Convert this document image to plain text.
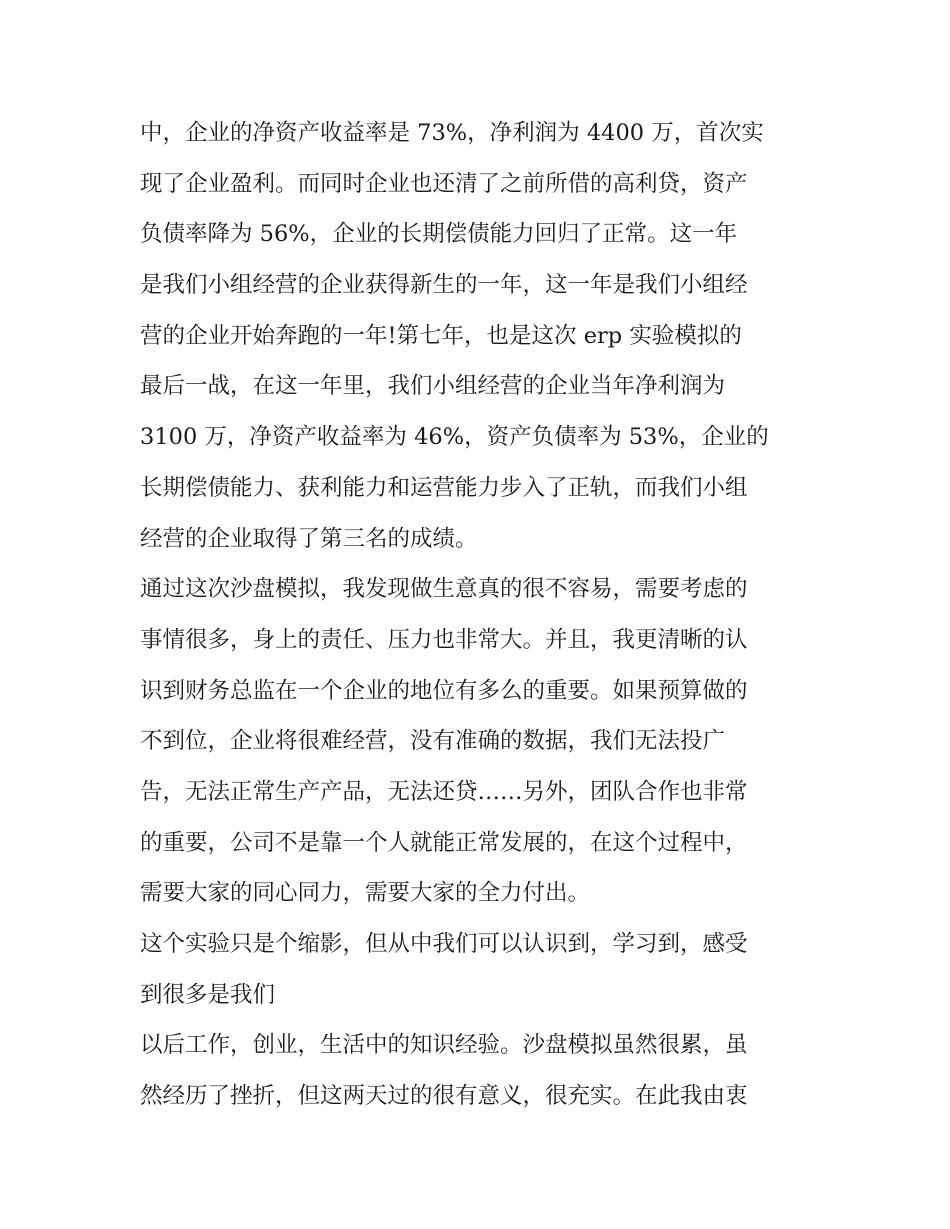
中，企业的净资产收益率是 73%，净利润为 4400 万，首次实
现了企业盈利。而同时企业也还清了之前所借的高利贷，资产
负债率降为 56%，企业的长期偿债能力回归了正常。这一年
是我们小组经营的企业获得新生的一年，这一年是我们小组经
营的企业开始奔跑的一年!第七年，也是这次 erp 实验模拟的
最后一战，在这一年里，我们小组经营的企业当年净利润为
3100 万，净资产收益率为 46%，资产负债率为 53%，企业的
长期偿债能力、获利能力和运营能力步入了正轨，而我们小组
经营的企业取得了第三名的成绩。
通过这次沙盘模拟，我发现做生意真的很不容易，需要考虑的
事情很多，身上的责任、压力也非常大。并且，我更清晰的认
识到财务总监在一个企业的地位有多么的重要。如果预算做的
不到位，企业将很难经营，没有准确的数据，我们无法投广
告，无法正常生产产品，无法还贷……另外，团队合作也非常
的重要，公司不是靠一个人就能正常发展的，在这个过程中，
需要大家的同心同力，需要大家的全力付出。
这个实验只是个缩影，但从中我们可以认识到，学习到，感受
到很多是我们
以后工作，创业，生活中的知识经验。沙盘模拟虽然很累，虽
然经历了挫折，但这两天过的很有意义，很充实。在此我由衷
